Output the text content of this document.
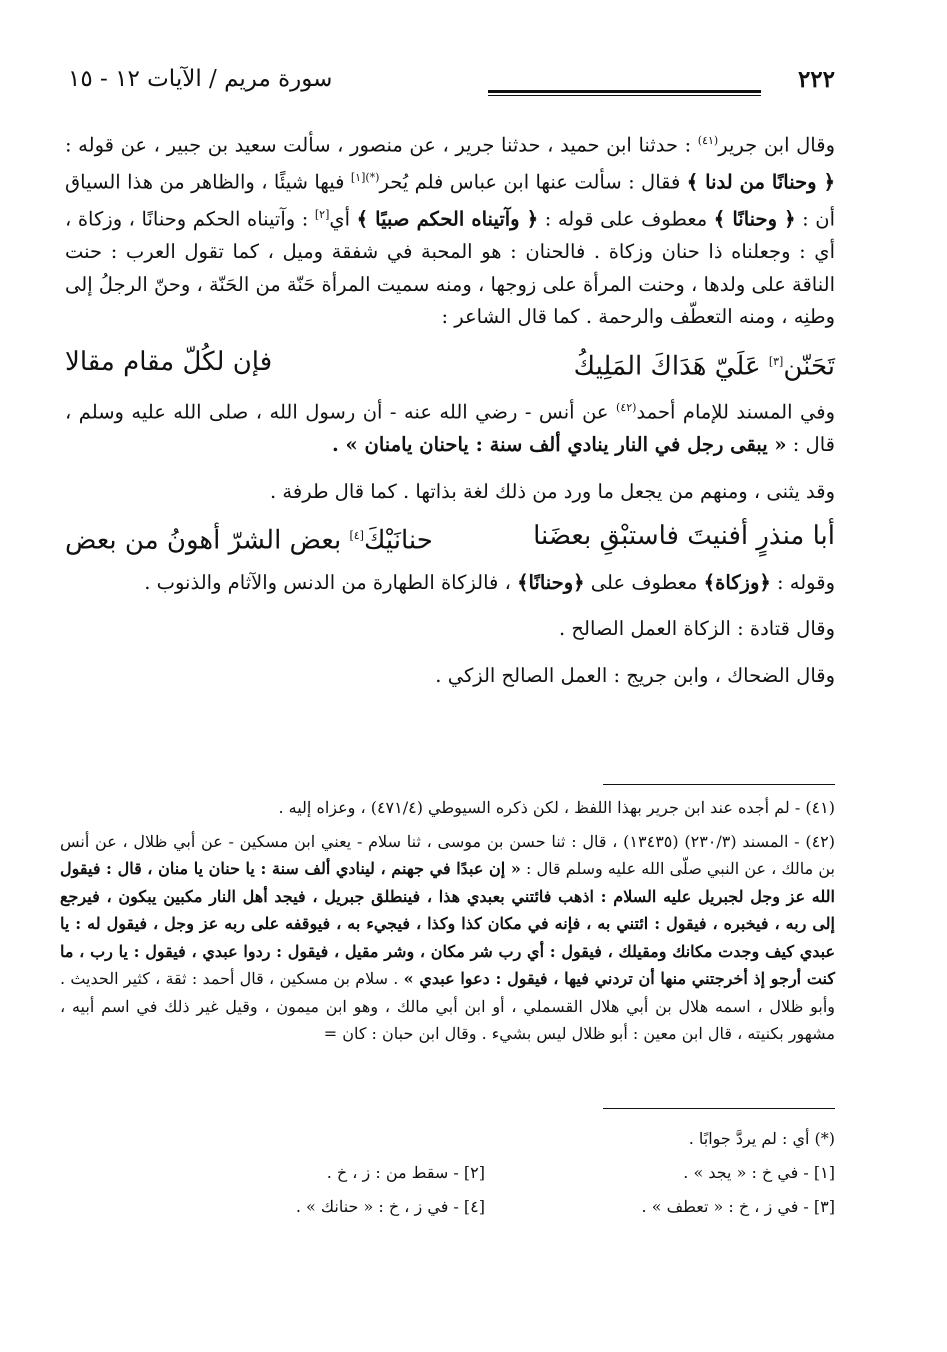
٢٢٢
سورة مريم / الآيات ١٢ - ١٥

وقال ابن جرير$^{(٤١)}$ : حدثنا ابن حميد ، حدثنا جرير ، عن منصور ، سألت سعيد بن جبير ، عن قوله : ﴿ وحنانًا من لدنا ﴾ فقال : سألت عنها ابن عباس فلم يُحر$^{(*)[١]}$ فيها شيئًا ، والظاهر من هذا السياق أن : ﴿ وحنانًا ﴾ معطوف على قوله : ﴿ وآتيناه الحكم صبيًا ﴾ أي[٢] : وآتيناه الحكم وحنانًا ، وزكاة ، أي : وجعلناه ذا حنان وزكاة . فالحنان : هو المحبة في شفقة وميل ، كما تقول العرب : حنت الناقة على ولدها ، وحنت المرأة على زوجها ، ومنه سميت المرأة حَنّة من الحَنّة ، وحنّ الرجلُ إلى وطنِه ، ومنه التعطّف والرحمة . كما قال الشاعر :

تَحَنّن[٣] عَلَيّ هَدَاكَ المَلِيكُ
فإن لكُلّ مقام مقالا

وفي المسند للإمام أحمد$^{(٤٢)}$ عن أنس - رضي الله عنه - أن رسول الله ، صلى الله عليه وسلم ، قال : « يبقى رجل في النار ينادي ألف سنة : ياحنان يامنان » .

وقد يثنى ، ومنهم من يجعل ما ورد من ذلك لغة بذاتها . كما قال طرفة .

أبا منذرٍ أفنيتَ فاستبْقِ بعضَنا
حنانَيْكَ[٤] بعض الشرّ أهونُ من بعض

وقوله : ﴿وزكاة﴾ معطوف على ﴿وحنانًا﴾ ، فالزكاة الطهارة من الدنس والآثام والذنوب .

وقال قتادة : الزكاة العمل الصالح .

وقال الضحاك ، وابن جريج : العمل الصالح الزكي .

(٤١) - لم أجده عند ابن جرير بهذا اللفظ ، لكن ذكره السيوطي (٤٧١/٤) ، وعزاه إليه .

(٤٢) - المسند (٢٣٠/٣) (١٣٤٣٥) ، قال : ثنا حسن بن موسى ، ثنا سلام - يعني ابن مسكين - عن أبي ظلال ، عن أنس بن مالك ، عن النبي صلّى الله عليه وسلم قال : « إن عبدًا في جهنم ، لينادي ألف سنة : يا حنان يا منان ، قال : فيقول الله عز وجل لجبريل عليه السلام : اذهب فائتني بعبدي هذا ، فينطلق جبريل ، فيجد أهل النار مكبين يبكون ، فيرجع إلى ربه ، فيخبره ، فيقول : ائتني به ، فإنه في مكان كذا وكذا ، فيجيء به ، فيوقفه على ربه عز وجل ، فيقول له : يا عبدي كيف وجدت مكانك ومقيلك ، فيقول : أي رب شر مكان ، وشر مقيل ، فيقول : ردوا عبدي ، فيقول : يا رب ، ما كنت أرجو إذ أخرجتني منها أن تردني فيها ، فيقول : دعوا عبدي » . سلام بن مسكين ، قال أحمد : ثقة ، كثير الحديث . وأبو ظلال ، اسمه هلال بن أبي هلال القسملي ، أو ابن أبي مالك ، وهو ابن ميمون ، وقيل غير ذلك في اسم أبيه ، مشهور بكنيته ، قال ابن معين : أبو ظلال ليس بشيء . وقال ابن حبان : كان =

(*) أي : لم يردَّ جوابًا .
[١] - في خ : « يجد » .
[٢] - سقط من : ز ، خ .
[٣] - في ز ، خ : « تعطف » .
[٤] - في ز ، خ : « حنانك » .
